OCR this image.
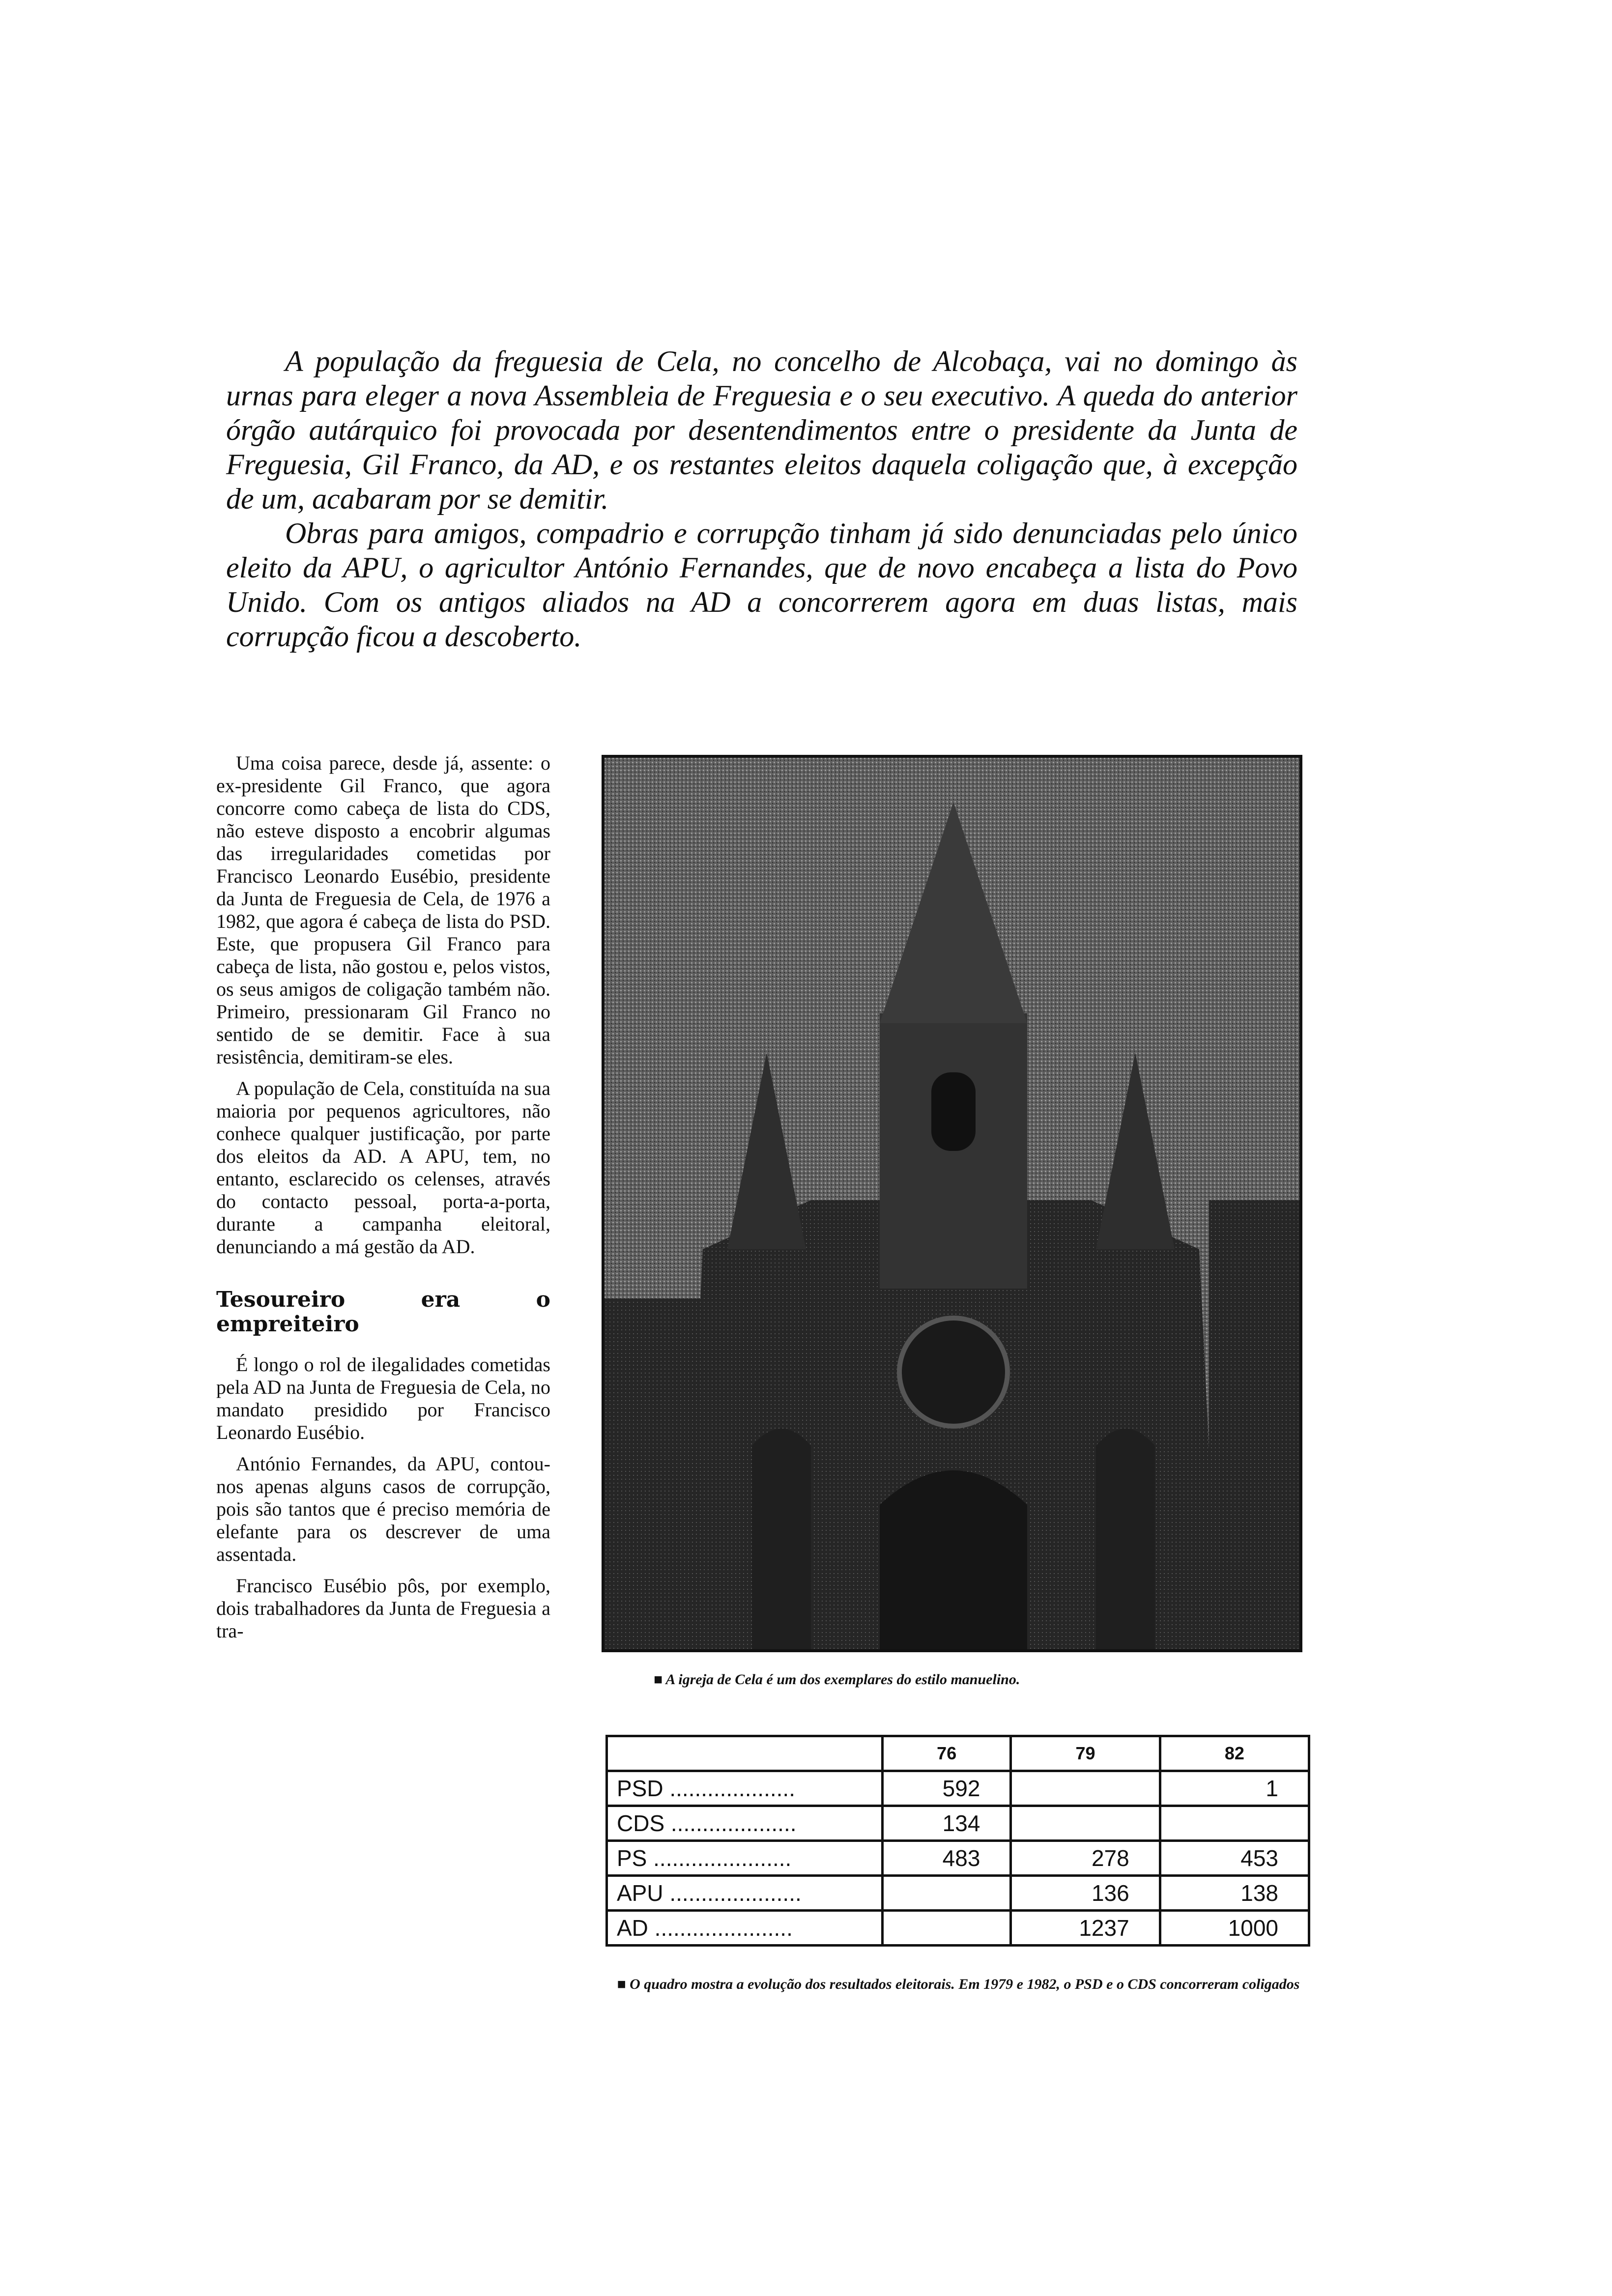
A população da freguesia de Cela, no concelho de Alcobaça, vai no domingo às urnas para eleger a nova Assembleia de Freguesia e o seu executivo. A queda do anterior órgão autárquico foi provocada por desentendimentos entre o presidente da Junta de Freguesia, Gil Franco, da AD, e os restantes eleitos daquela coligação que, à excepção de um, acabaram por se demitir.

Obras para amigos, compadrio e corrupção tinham já sido denunciadas pelo único eleito da APU, o agricultor António Fernandes, que de novo encabeça a lista do Povo Unido. Com os antigos aliados na AD a concorrerem agora em duas listas, mais corrupção ficou a descoberto.

Uma coisa parece, desde já, assente: o ex-presidente Gil Franco, que agora concorre como cabeça de lista do CDS, não esteve disposto a encobrir algumas das irregularidades cometidas por Francisco Leonardo Eusébio, presidente da Junta de Freguesia de Cela, de 1976 a 1982, que agora é cabeça de lista do PSD. Este, que propusera Gil Franco para cabeça de lista, não gostou e, pelos vistos, os seus amigos de coligação também não. Primeiro, pressionaram Gil Franco no sentido de se demitir. Face à sua resistência, demitiram-se eles.

A população de Cela, constituída na sua maioria por pequenos agricultores, não conhece qualquer justificação, por parte dos eleitos da AD. A APU, tem, no entanto, esclarecido os celenses, através do contacto pessoal, porta-a-porta, durante a campanha eleitoral, denunciando a má gestão da AD.

Tesoureiro era o empreiteiro

É longo o rol de ilegalidades cometidas pela AD na Junta de Freguesia de Cela, no mandato presidido por Francisco Leonardo Eusébio.

António Fernandes, da APU, contou-nos apenas alguns casos de corrupção, pois são tantos que é preciso memória de elefante para os descrever de uma assentada.

Francisco Eusébio pôs, por exemplo, dois trabalhadores da Junta de Freguesia a tra-

■ A igreja de Cela é um dos exemplares do estilo manuelino.
	76	79	82
PSD ....................	592		1
CDS ....................	134		
PS ......................	483	278	453
APU .....................		136	138
AD ......................		1237	1000
■ O quadro mostra a evolução dos resultados eleitorais. Em 1979 e 1982, o PSD e o CDS concorreram coligados
